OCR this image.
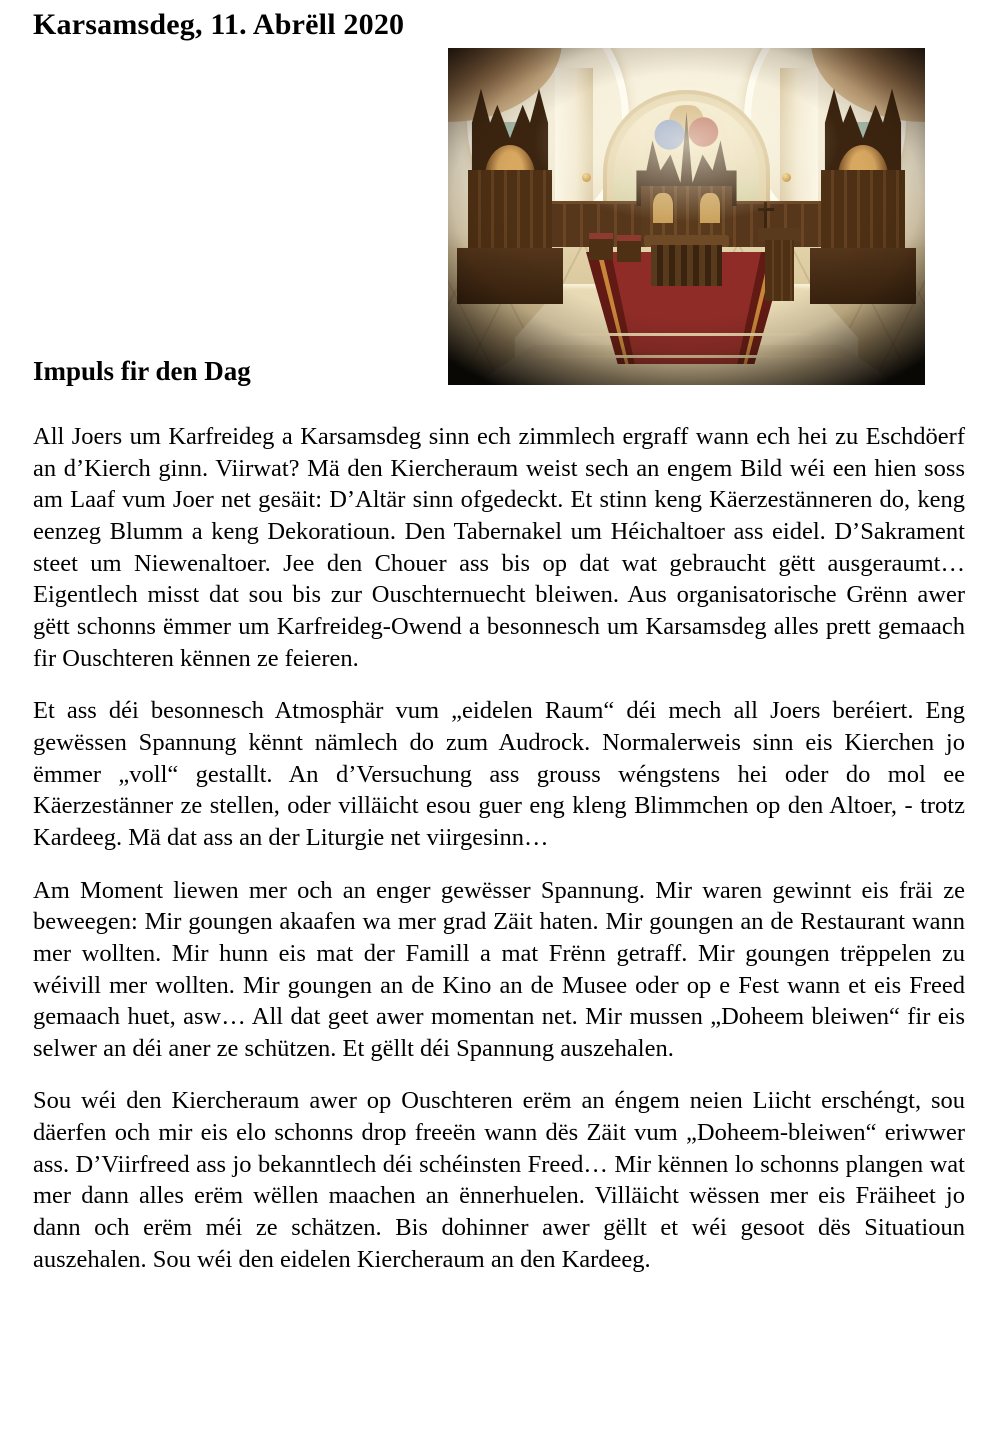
Karsamsdeg, 11. Abrëll 2020
Impuls fir den Dag

All Joers um Karfreideg a Karsamsdeg sinn ech zimmlech ergraff wann ech hei zu Eschdöerf an d’Kierch ginn. Viirwat? Mä den Kiercheraum weist sech an engem Bild wéi een hien soss am Laaf vum Joer net gesäit: D’Altär sinn ofgedeckt. Et stinn keng Käerzestänneren do, keng eenzeg Blumm a keng Dekoratioun. Den Tabernakel um Héichaltoer ass eidel. D’Sakrament steet um Niewenaltoer. Jee den Chouer ass bis op dat wat gebraucht gëtt ausgeraumt… Eigentlech misst dat sou bis zur Ouschternuecht bleiwen. Aus organisatorische Grënn awer gëtt schonns ëmmer um Karfreideg-Owend a besonnesch um Karsamsdeg alles prett gemaach fir Ouschteren kënnen ze feieren.

Et ass déi besonnesch Atmosphär vum „eidelen Raum“ déi mech all Joers beréiert. Eng gewëssen Spannung kënnt nämlech do zum Audrock. Normalerweis sinn eis Kierchen jo ëmmer „voll“ gestallt. An d’Versuchung ass grouss wéngstens hei oder do mol ee Käerzestänner ze stellen, oder villäicht esou guer eng kleng Blimmchen op den Altoer, - trotz Kardeeg. Mä dat ass an der Liturgie net viirgesinn…

Am Moment liewen mer och an enger gewësser Spannung. Mir waren gewinnt eis fräi ze beweegen: Mir goungen akaafen wa mer grad Zäit haten. Mir goungen an de Restaurant wann mer wollten. Mir hunn eis mat der Famill a mat Frënn getraff. Mir goungen trëppelen zu wéivill mer wollten. Mir goungen an de Kino an de Musee oder op e Fest wann et eis Freed gemaach huet, asw… All dat geet awer momentan net. Mir mussen „Doheem bleiwen“ fir eis selwer an déi aner ze schützen. Et gëllt déi Spannung auszehalen.

Sou wéi den Kiercheraum awer op Ouschteren erëm an éngem neien Liicht erschéngt, sou däerfen och mir eis elo schonns drop freeën wann dës Zäit vum „Doheem-bleiwen“ eriwwer ass. D’Viirfreed ass jo bekanntlech déi schéinsten Freed… Mir kënnen lo schonns plangen wat mer dann alles erëm wëllen maachen an ënnerhuelen. Villäicht wëssen mer eis Fräiheet jo dann och erëm méi ze schätzen. Bis dohinner awer gëllt et wéi gesoot dës Situatioun auszehalen. Sou wéi den eidelen Kiercheraum an den Kardeeg.
